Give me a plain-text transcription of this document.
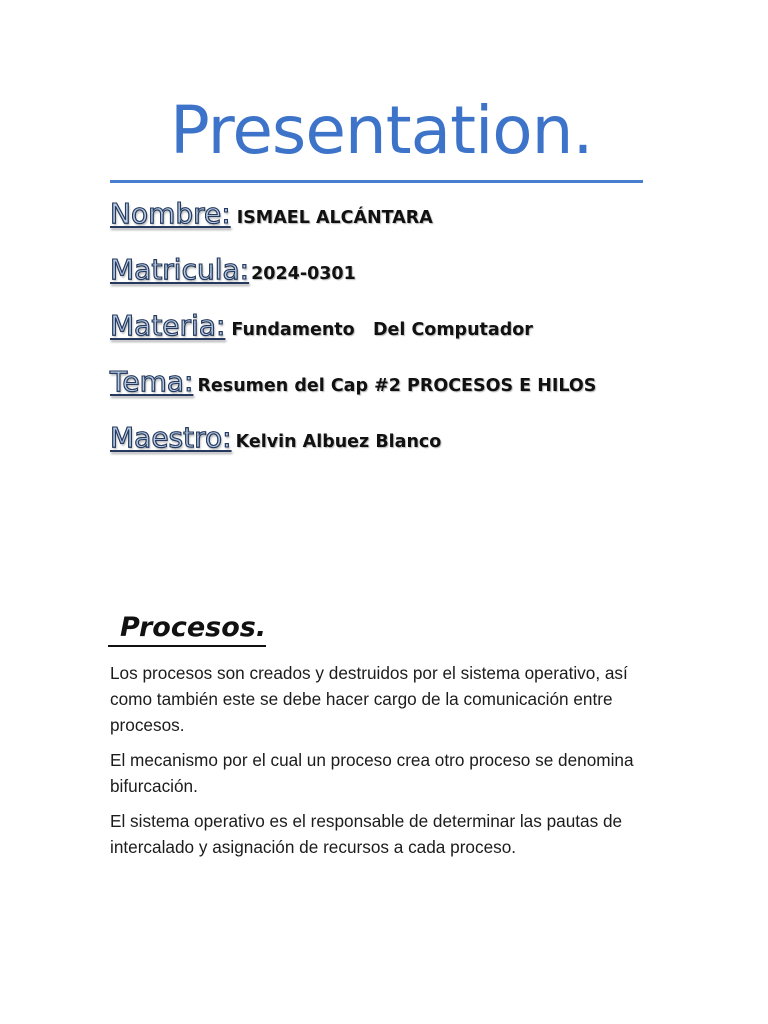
Presentation.
Nombre: ISMAEL ALCÁNTARA
Matricula: 2024-0301
Materia: Fundamento   Del Computador
Tema: Resumen del Cap #2 PROCESOS E HILOS
Maestro: Kelvin Albuez Blanco
Procesos.

Los procesos son creados y destruidos por el sistema operativo, así como también este se debe hacer cargo de la comunicación entre procesos.

El mecanismo por el cual un proceso crea otro proceso se denomina bifurcación.

El sistema operativo es el responsable de determinar las pautas de intercalado y asignación de recursos a cada proceso.
